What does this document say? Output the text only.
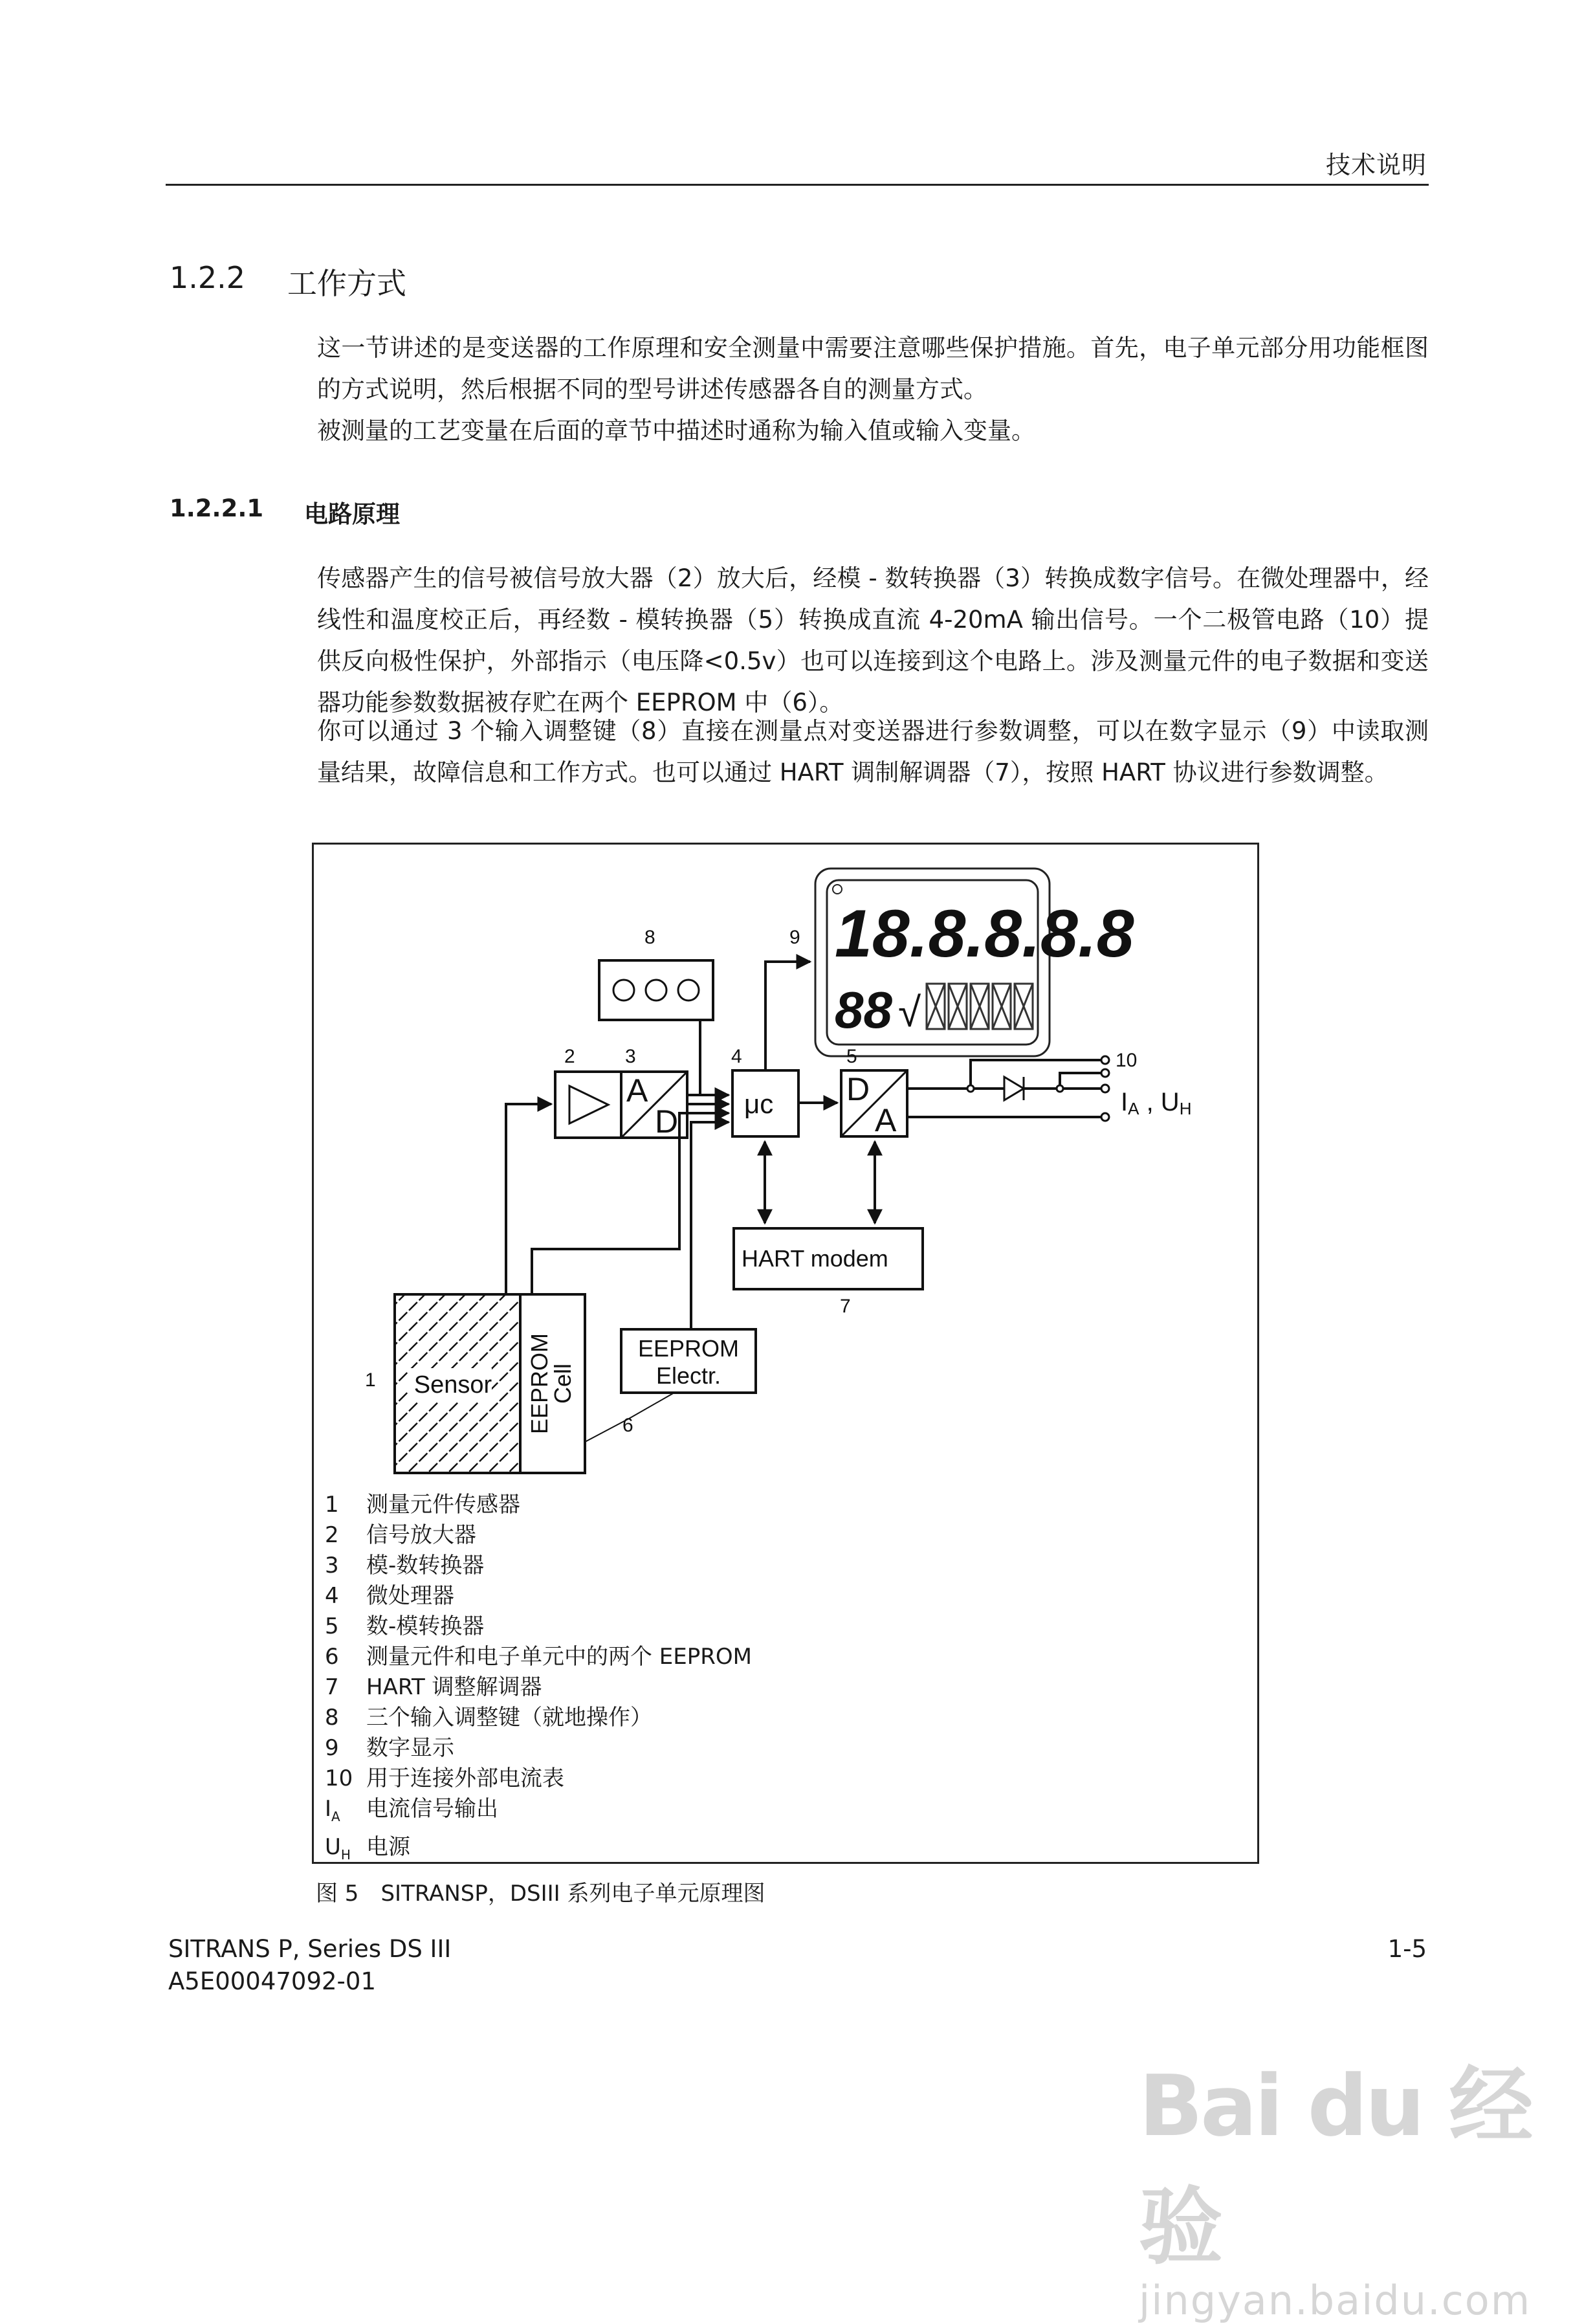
技术说明
1.2.2 工作方式
这一节讲述的是变送器的工作原理和安全测量中需要注意哪些保护措施。首先，电子单元部分用功能框图的方式说明，然后根据不同的型号讲述传感器各自的测量方式。
被测量的工艺变量在后面的章节中描述时通称为输入值或输入变量。
1.2.2.1 电路原理
传感器产生的信号被信号放大器（2）放大后，经模 - 数转换器（3）转换成数字信号。在微处理器中，经线性和温度校正后，再经数 - 模转换器（5）转换成直流 4-20mA 输出信号。一个二极管电路（10）提供反向极性保护，外部指示（电压降<0.5v）也可以连接到这个电路上。涉及测量元件的电子数据和变送器功能参数数据被存贮在两个 EEPROM 中（6）。
你可以通过 3 个输入调整键（8）直接在测量点对变送器进行参数调整，可以在数字显示（9）中读取测量结果，故障信息和工作方式。也可以通过 HART 调制解调器（7），按照 HART 协议进行参数调整。
18.8.8.8.8
88 √
A
D μc D
A
HART modem
EEPROM
Electr.
Sensor EEPROM
Cell
8	9
2	3	4	5	10
1
6
7
IA , UH
1 测量元件传感器
2 信号放大器
3 模-数转换器
4 微处理器
5 数-模转换器
6 测量元件和电子单元中的两个 EEPROM
7 HART 调整解调器
8 三个输入调整键（就地操作）
9 数字显示
10 用于连接外部电流表
$I_A$ 电流信号输出
$U_H$ 电源
图 5　SITRANSP，DSIII 系列电子单元原理图
SITRANS P, Series DS III
A5E00047092-01
1-5
Bai du 经验
jingyan.baidu.com
